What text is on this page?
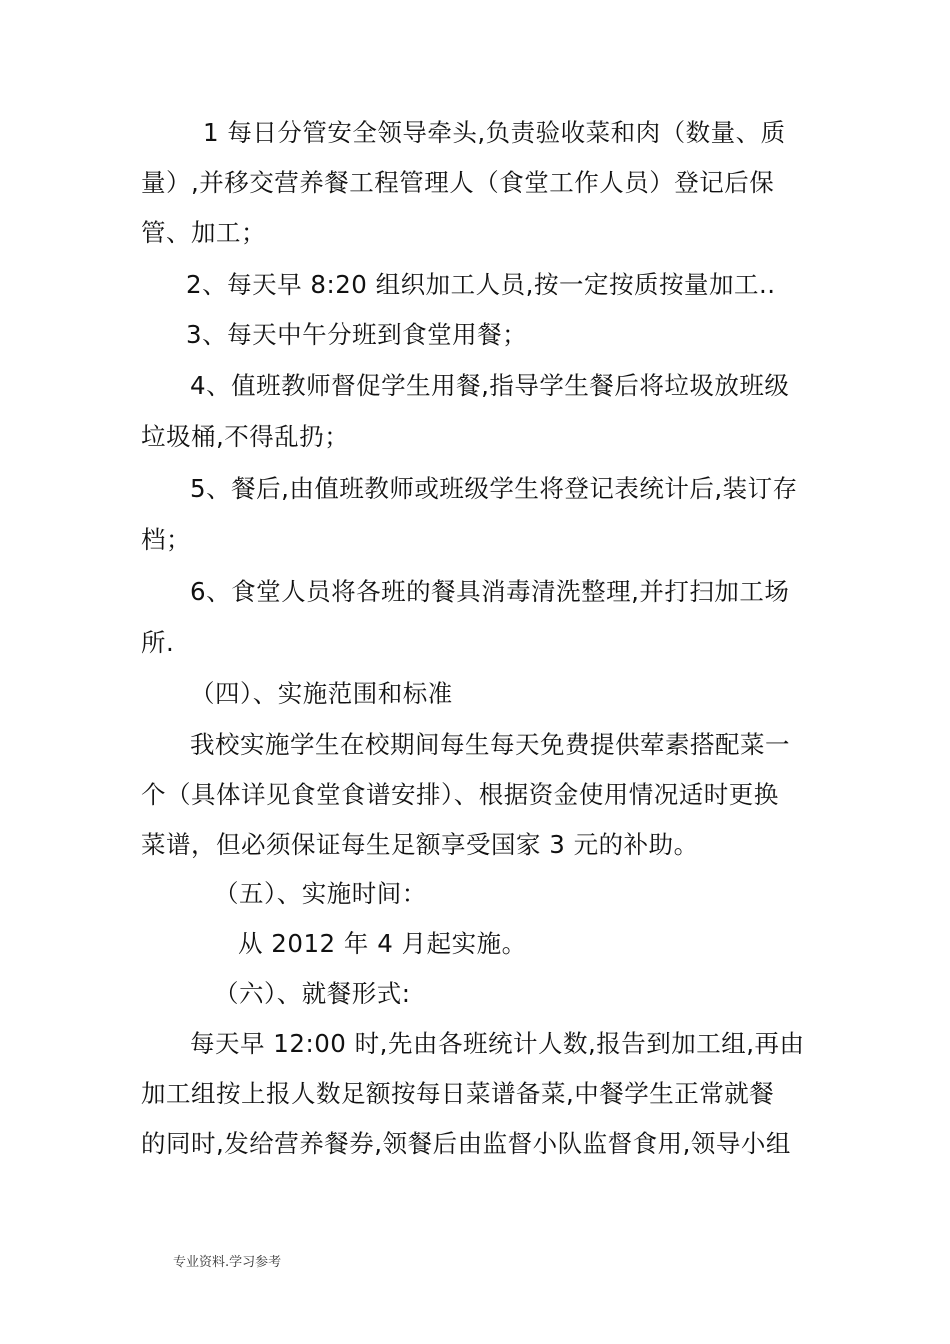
1 每日分管安全领导牵头,负责验收菜和肉（数量、质
量）,并移交营养餐工程管理人（食堂工作人员）登记后保
管、加工；
2、每天早 8:20 组织加工人员,按一定按质按量加工..
3、每天中午分班到食堂用餐；
4、值班教师督促学生用餐,指导学生餐后将垃圾放班级
垃圾桶,不得乱扔；
5、餐后,由值班教师或班级学生将登记表统计后,装订存
档；
6、食堂人员将各班的餐具消毒清洗整理,并打扫加工场
所.
（四）、实施范围和标准
我校实施学生在校期间每生每天免费提供荤素搭配菜一
个（具体详见食堂食谱安排）、根据资金使用情况适时更换
菜谱，但必须保证每生足额享受国家 3 元的补助。
（五）、实施时间：
从 2012 年 4 月起实施。
（六）、就餐形式:
每天早 12:00 时,先由各班统计人数,报告到加工组,再由
加工组按上报人数足额按每日菜谱备菜,中餐学生正常就餐
的同时,发给营养餐券,领餐后由监督小队监督食用,领导小组
专业资料.学习参考
